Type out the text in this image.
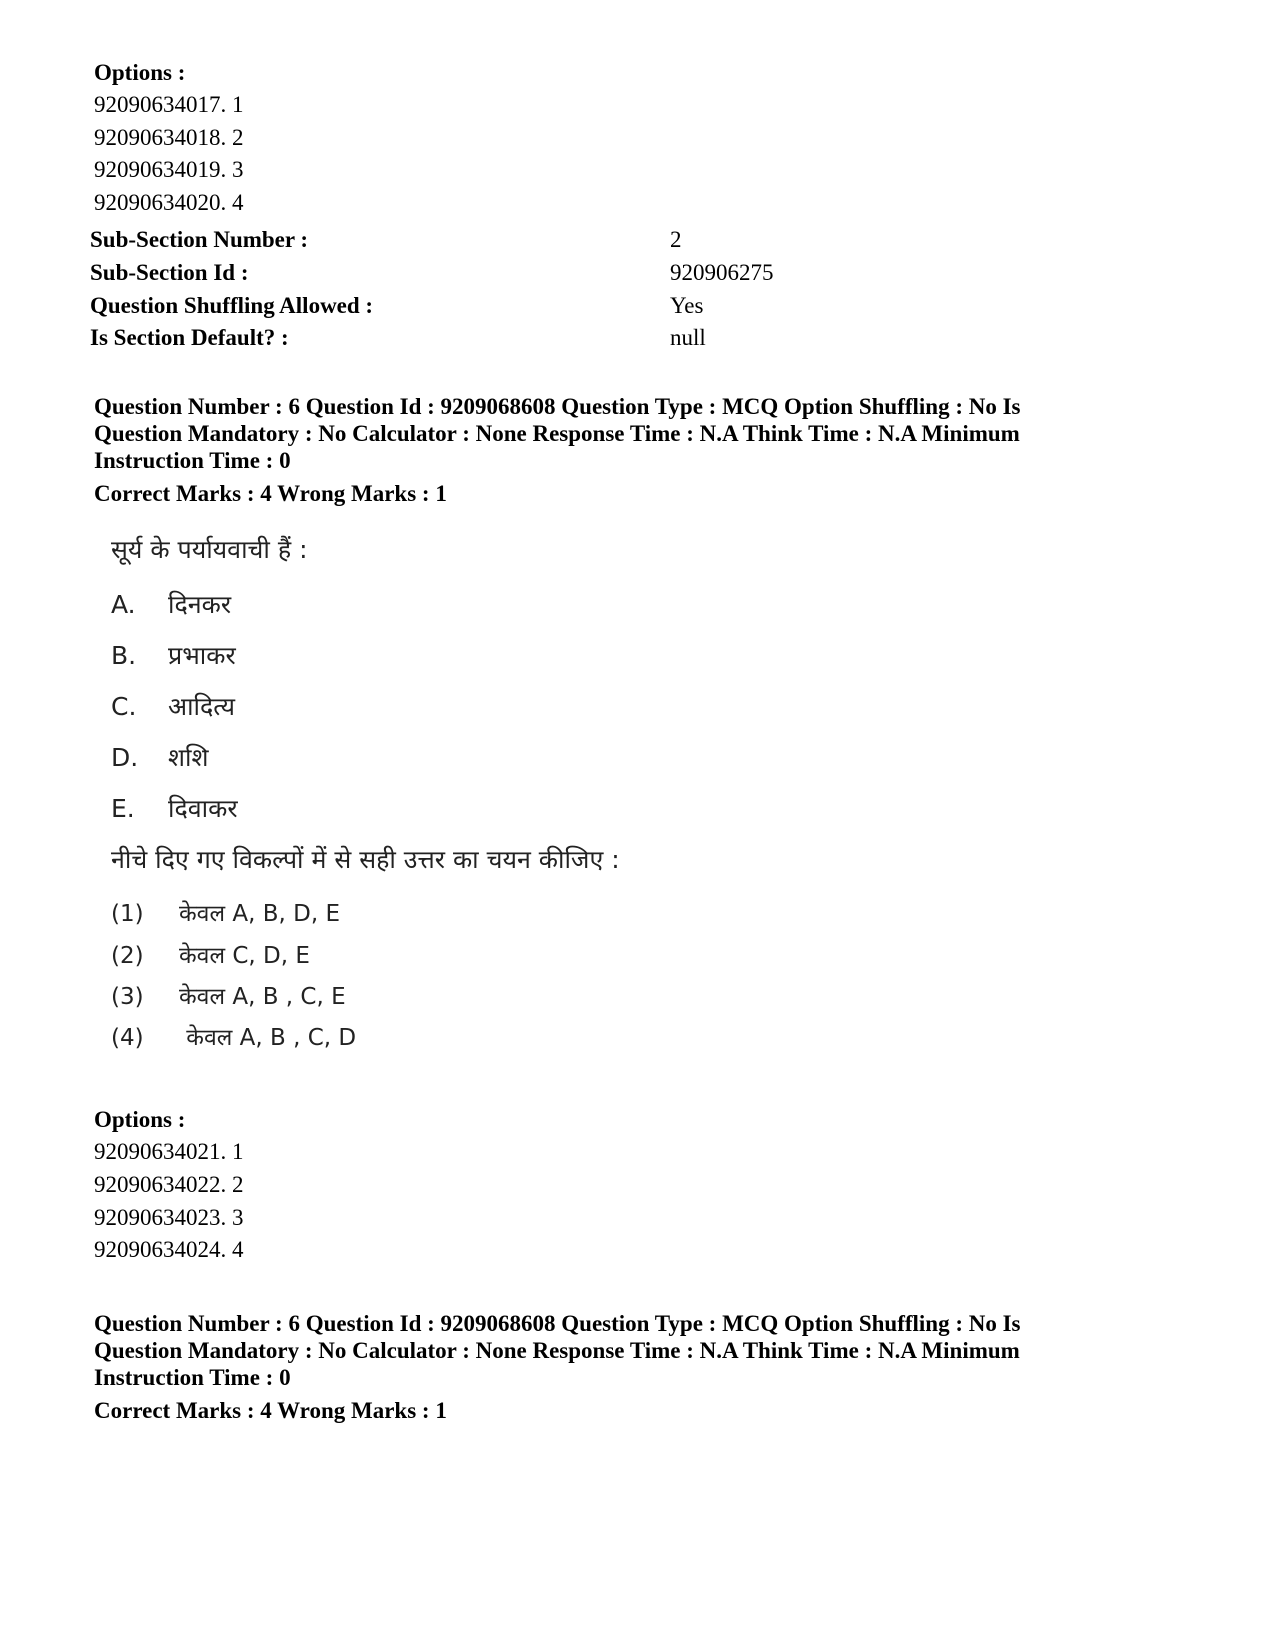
Options :
92090634017. 1
92090634018. 2
92090634019. 3
92090634020. 4
Sub-Section Number :	2
Sub-Section Id :	920906275
Question Shuffling Allowed :	Yes
Is Section Default? :	null
Question Number : 6 Question Id : 9209068608 Question Type : MCQ Option Shuffling : No Is
Question Mandatory : No Calculator : None Response Time : N.A Think Time : N.A Minimum
Instruction Time : 0
Correct Marks : 4 Wrong Marks : 1
सूर्य के पर्यायवाची हैं :
A. दिनकर
B. प्रभाकर
C. आदित्य
D. शशि
E. दिवाकर
नीचे दिए गए विकल्पों में से सही उत्तर का चयन कीजिए :
(1) केवल A, B, D, E
(2) केवल C, D, E
(3) केवल A, B , C, E
(4) केवल A, B , C, D
Options :
92090634021. 1
92090634022. 2
92090634023. 3
92090634024. 4
Question Number : 6 Question Id : 9209068608 Question Type : MCQ Option Shuffling : No Is
Question Mandatory : No Calculator : None Response Time : N.A Think Time : N.A Minimum
Instruction Time : 0
Correct Marks : 4 Wrong Marks : 1
